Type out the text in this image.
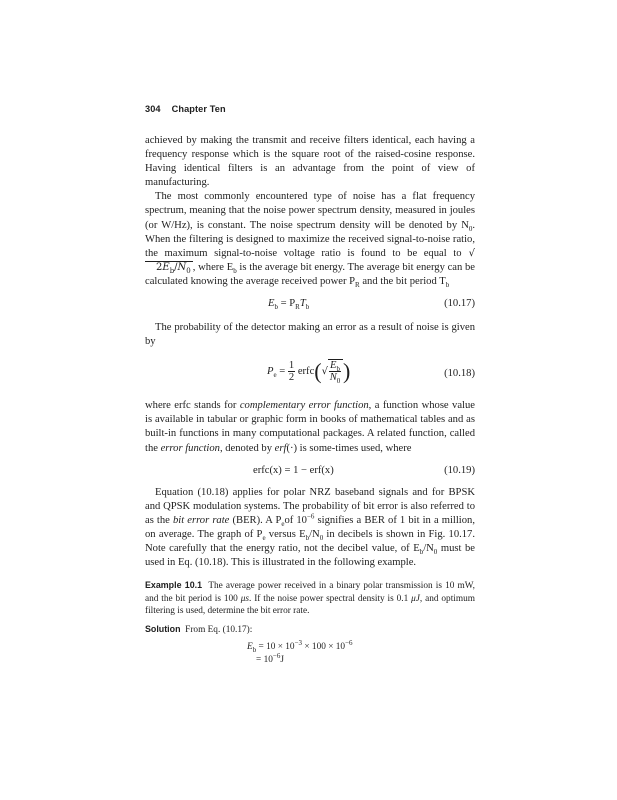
304 Chapter Ten

achieved by making the transmit and receive filters identical, each having a frequency response which is the square root of the raised-cosine response. Having identical filters is an advantage from the point of view of manufacturing.

The most commonly encountered type of noise has a flat frequency spectrum, meaning that the noise power spectrum density, measured in joules (or W/Hz), is constant. The noise spectrum density will be denoted by $N_0$. When the filtering is designed to maximize the received signal-to-noise ratio, the maximum signal-to-noise voltage ratio is found to be equal to $√2E_b/N_0$ , where $E_b$ is the average bit energy. The average bit energy can be calculated knowing the average received power $P_R$ and the bit period $T_b$

$E_b = P_RT_b$	(10.17)

The probability of the detector making an error as a result of noise is given by

$P_e = \frac{1}{2}$ erfc(√ $\frac{E_b}{N_0}$ )	(10.18)

where erfc stands for complementary error function, a function whose value is available in tabular or graphic form in books of mathematical tables and as built-in functions in many computational packages. A related function, called the error function, denoted by erf(·) is some-times used, where

erfc(x) = 1 − erf(x)	(10.19)

Equation (10.18) applies for polar NRZ baseband signals and for BPSK and QPSK modulation systems. The probability of bit error is also referred to as the bit error rate (BER). A $P_eof$ $10^{-6}$ signifies a BER of 1 bit in a million, on average. The graph of $P_e$ versus $E_b/N_0$ in decibels is shown in Fig. 10.17. Note carefully that the energy ratio, not the decibel value, of $E_b/N_0$ must be used in Eq. (10.18). This is illustrated in the following example.

Example 10.1 The average power received in a binary polar transmission is 10 mW, and the bit period is 100 μs. If the noise power spectral density is 0.1 μJ, and optimum filtering is used, determine the bit error rate.

Solution From Eq. (10.17):

$E_b = 10 \times 10^{-3} \times 100 \times 10^{-6}$
= $10^{-6}J$
